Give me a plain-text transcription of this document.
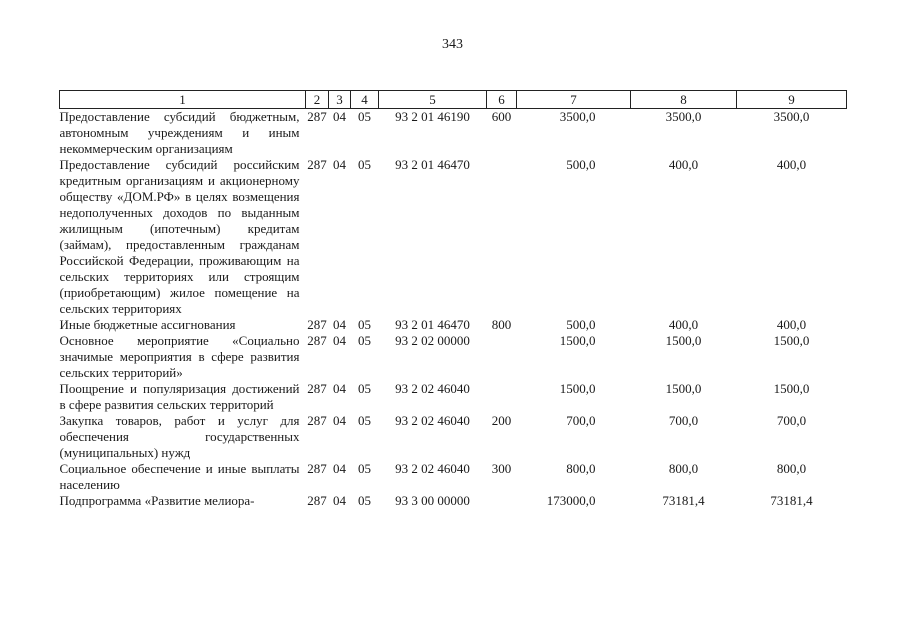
343
1	2	3	4	5	6	7	8	9
Предоставление субсидий бюджетным, автономным учреждениям и иным некоммерческим организациям	287	04	05	93 2 01 46190	600	3500,0	3500,0	3500,0
Предоставление субсидий российским кредитным организациям и акционерному обществу «ДОМ.РФ» в целях возмещения недополученных доходов по выданным жилищным (ипотечным) кредитам (займам), предоставленным гражданам Российской Федерации, проживающим на сельских территориях или строящим (приобретающим) жилое помещение на сельских территориях	287	04	05	93 2 01 46470		500,0	400,0	400,0
Иные бюджетные ассигнования	287	04	05	93 2 01 46470	800	500,0	400,0	400,0
Основное мероприятие «Социально значимые мероприятия в сфере развития сельских территорий»	287	04	05	93 2 02 00000		1500,0	1500,0	1500,0
Поощрение и популяризация достижений в сфере развития сельских территорий	287	04	05	93 2 02 46040		1500,0	1500,0	1500,0
Закупка товаров, работ и услуг для обеспечения государственных (муниципальных) нужд	287	04	05	93 2 02 46040	200	700,0	700,0	700,0
Социальное обеспечение и иные выплаты населению	287	04	05	93 2 02 46040	300	800,0	800,0	800,0
Подпрограмма «Развитие мелиора-	287	04	05	93 3 00 00000		173000,0	73181,4	73181,4
